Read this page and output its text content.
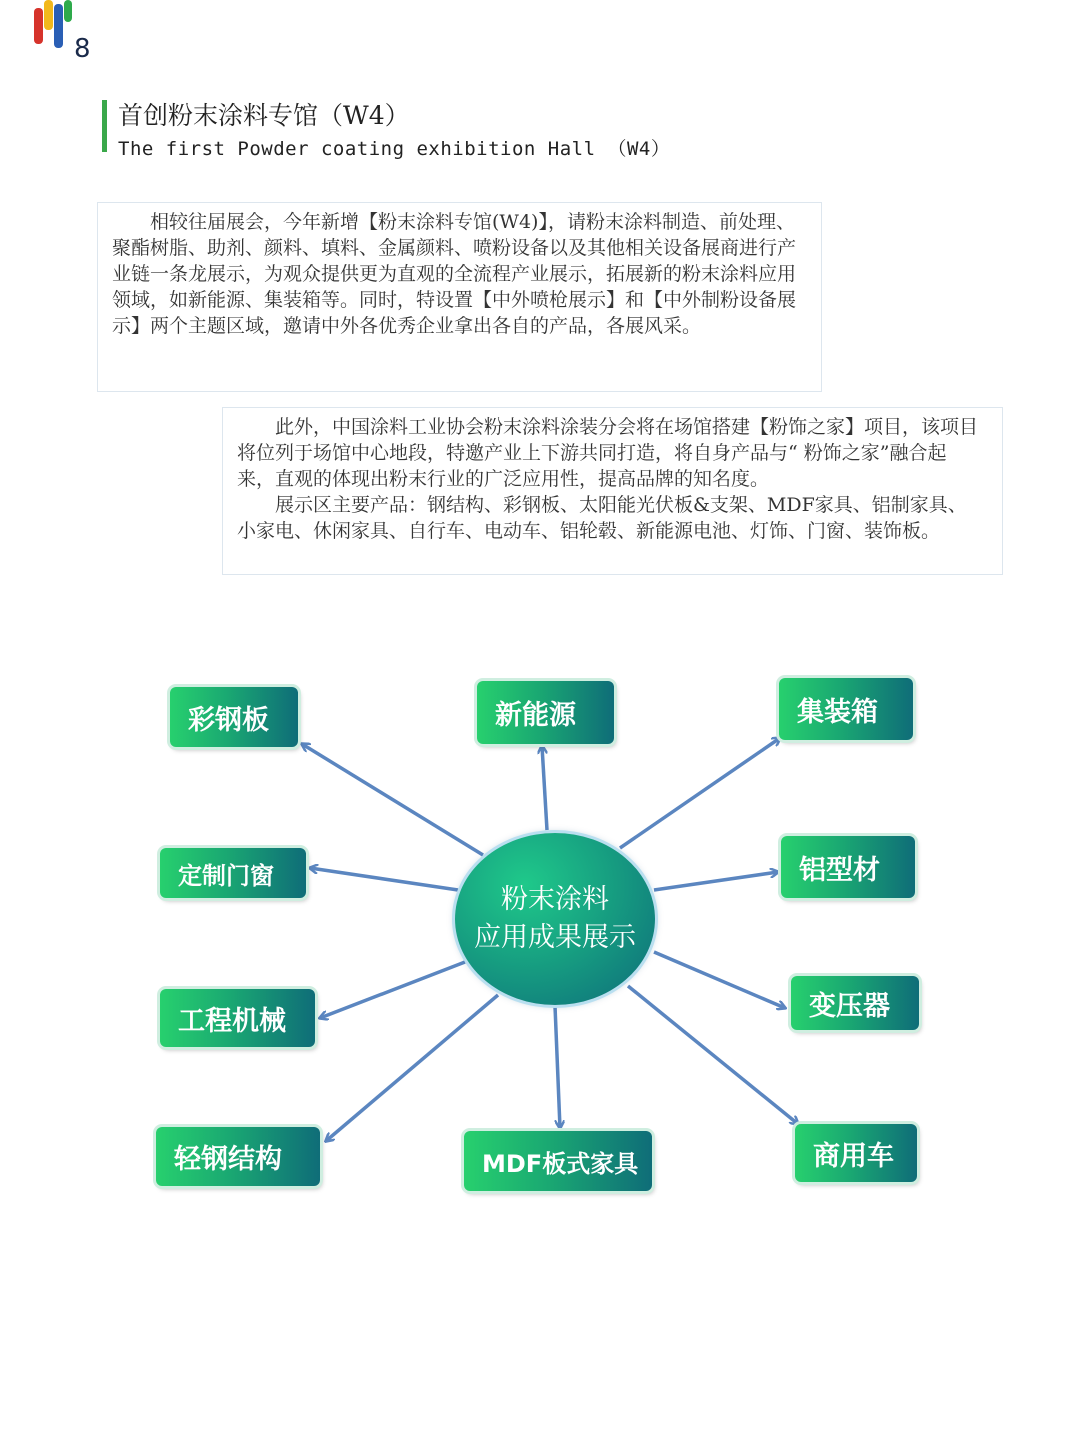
8
首创粉末涂料专馆（W4）
The first Powder coating exhibition Hall （W4）

相较往届展会，今年新增【粉末涂料专馆(W4)】，请粉末涂料制造、前处理、聚酯树脂、助剂、颜料、填料、金属颜料、喷粉设备以及其他相关设备展商进行产业链一条龙展示，为观众提供更为直观的全流程产业展示，拓展新的粉末涂料应用领域，如新能源、集装箱等。同时，特设置【中外喷枪展示】和【中外制粉设备展示】两个主题区域，邀请中外各优秀企业拿出各自的产品，各展风采。

此外，中国涂料工业协会粉末涂料涂装分会将在场馆搭建【粉饰之家】项目，该项目将位列于场馆中心地段，特邀产业上下游共同打造，将自身产品与“ 粉饰之家”融合起来，直观的体现出粉末行业的广泛应用性，提高品牌的知名度。

展示区主要产品：钢结构、彩钢板、太阳能光伏板&支架、MDF家具、铝制家具、小家电、休闲家具、自行车、电动车、铝轮毂、新能源电池、灯饰、门窗、装饰板。

粉末涂料
应用成果展示
彩钢板	新能源	集装箱
定制门窗	铝型材
工程机械	变压器
轻钢结构	MDF板式家具	商用车
